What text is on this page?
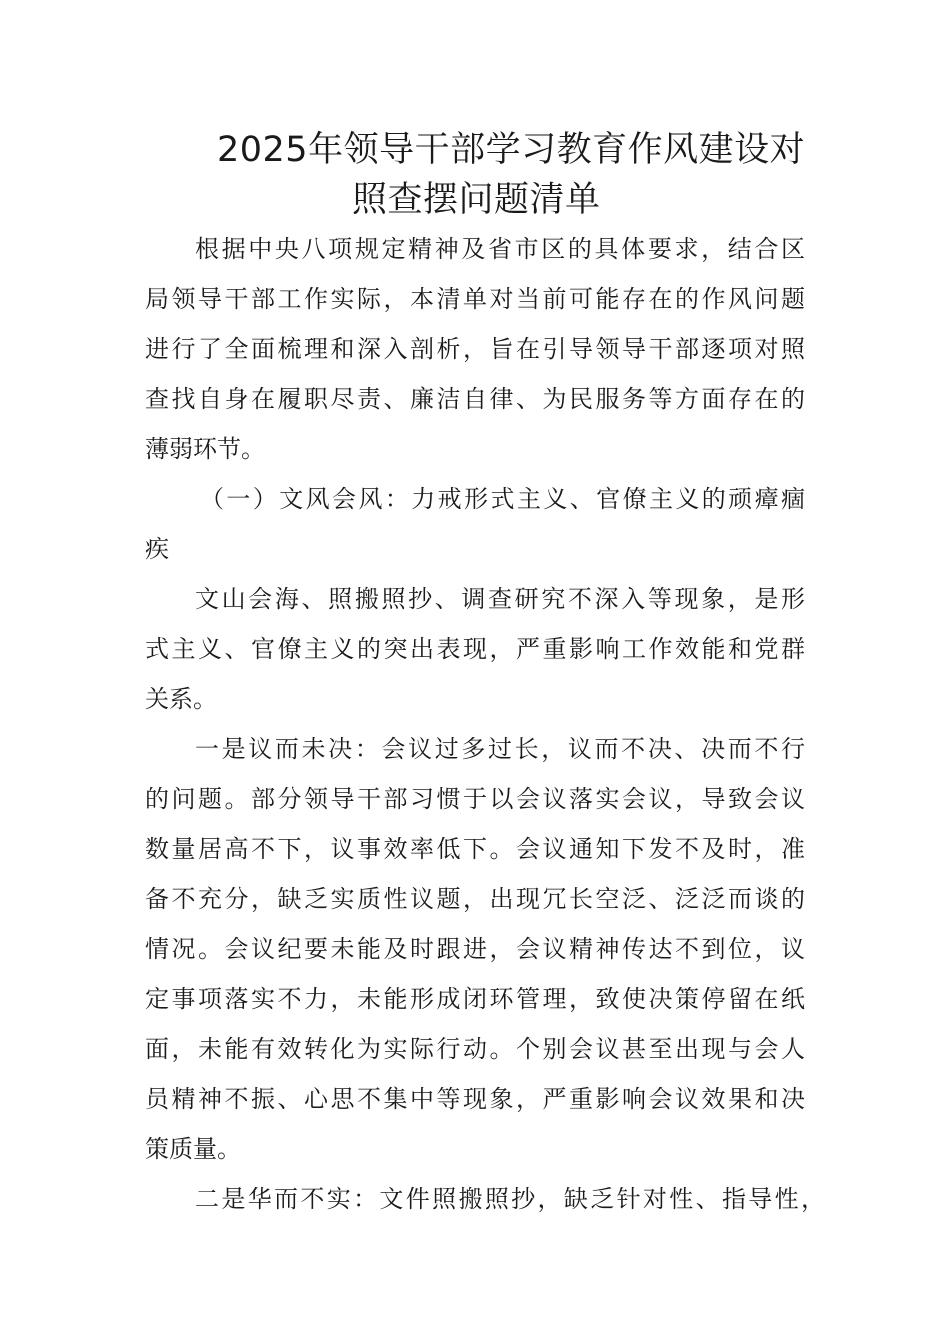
2025年领导干部学习教育作风建设对
照查摆问题清单

根据中央八项规定精神及省市区的具体要求，结合区

局领导干部工作实际，本清单对当前可能存在的作风问题

进行了全面梳理和深入剖析，旨在引导领导干部逐项对照

查找自身在履职尽责、廉洁自律、为民服务等方面存在的

薄弱环节。

（一）文风会风：力戒形式主义、官僚主义的顽瘴痼

疾

文山会海、照搬照抄、调查研究不深入等现象，是形

式主义、官僚主义的突出表现，严重影响工作效能和党群

关系。

一是议而未决：会议过多过长，议而不决、决而不行

的问题。部分领导干部习惯于以会议落实会议，导致会议

数量居高不下，议事效率低下。会议通知下发不及时，准

备不充分，缺乏实质性议题，出现冗长空泛、泛泛而谈的

情况。会议纪要未能及时跟进，会议精神传达不到位，议

定事项落实不力，未能形成闭环管理，致使决策停留在纸

面，未能有效转化为实际行动。个别会议甚至出现与会人

员精神不振、心思不集中等现象，严重影响会议效果和决

策质量。

二是华而不实：文件照搬照抄，缺乏针对性、指导性，
